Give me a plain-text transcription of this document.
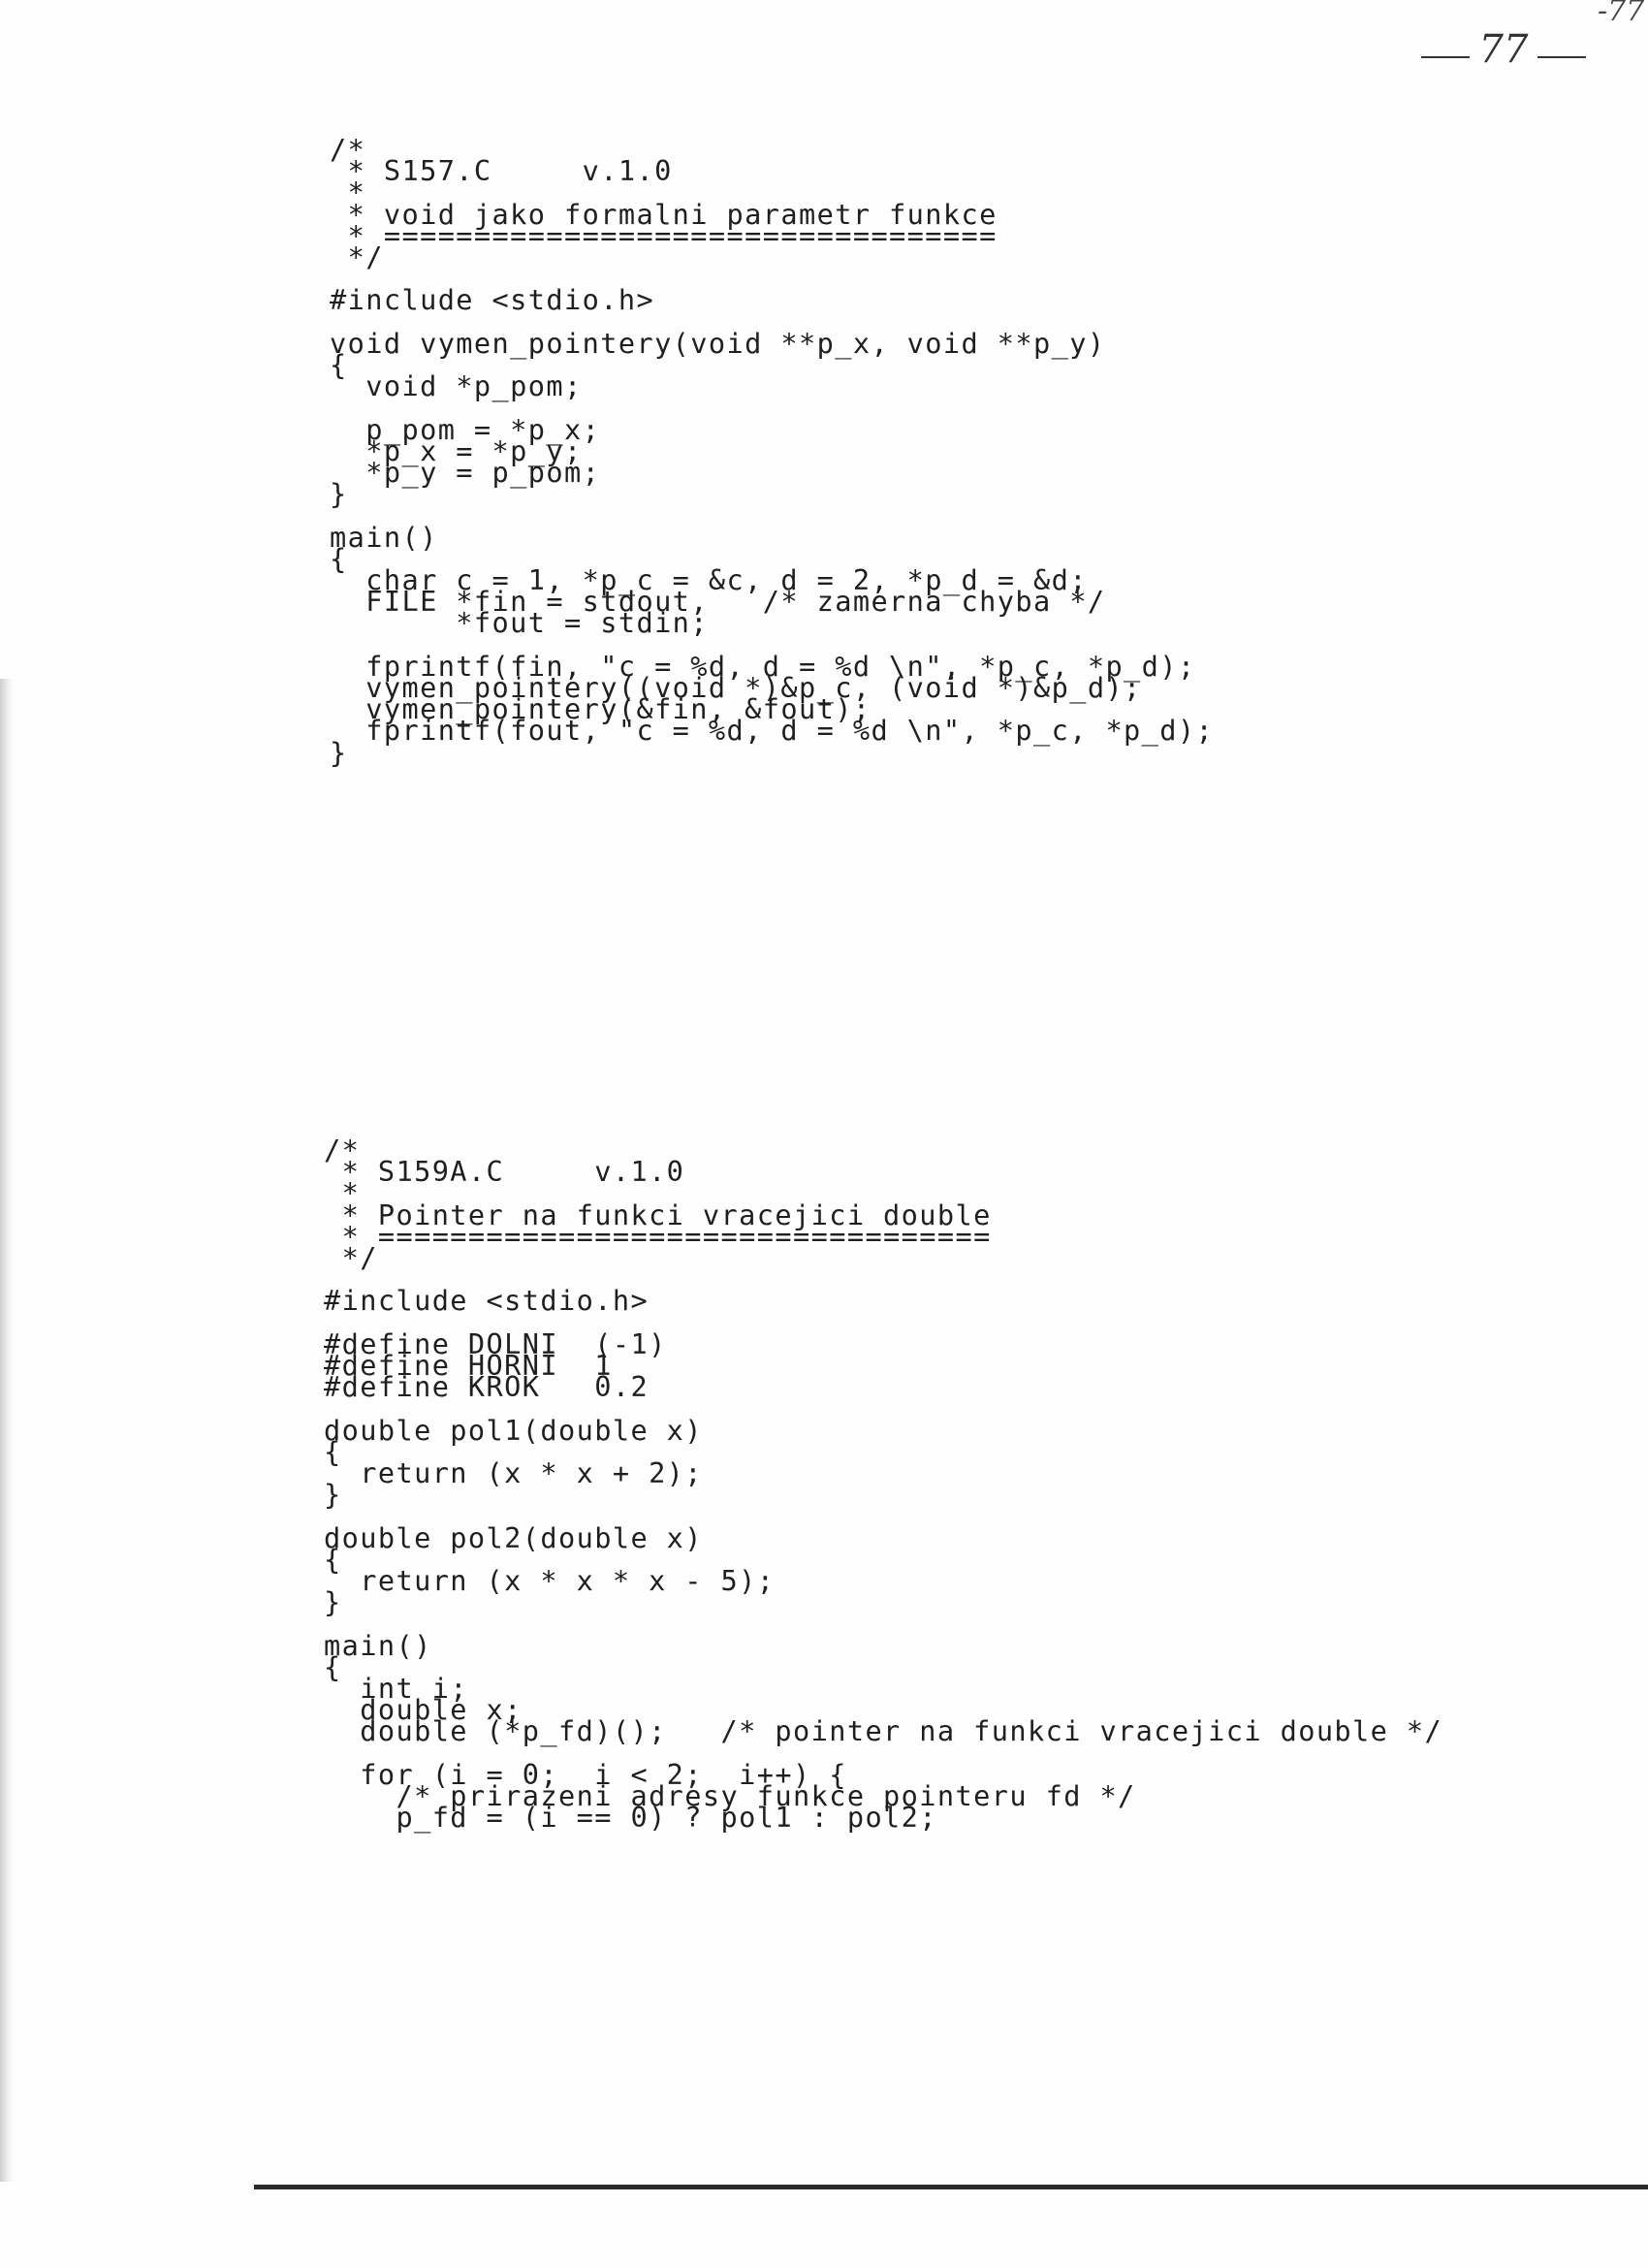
77
-77
/*
* S157.C     v.1.0
*
* void jako formalni parametr funkce
* ==================================
*/

#include <stdio.h>

void vymen_pointery(void **p_x, void **p_y)
{
void *p_pom;

p_pom = *p_x;
*p_x = *p_y;
*p_y = p_pom;
}

main()
{
char c = 1, *p_c = &c, d = 2, *p_d = &d;
FILE *fin = stdout,   /* zamerna chyba */
*fout = stdin;

fprintf(fin, "c = %d, d = %d \n", *p_c, *p_d);
vymen_pointery((void *)&p_c, (void *)&p_d);
vymen_pointery(&fin, &fout);
fprintf(fout, "c = %d, d = %d \n", *p_c, *p_d);
}
/*
* S159A.C     v.1.0
*
* Pointer na funkci vracejici double
* ==================================
*/

#include <stdio.h>

#define DOLNI  (-1)
#define HORNI  1
#define KROK   0.2

double pol1(double x)
{
return (x * x + 2);
}

double pol2(double x)
{
return (x * x * x - 5);
}

main()
{
int i;
double x;
double (*p_fd)();   /* pointer na funkci vracejici double */

for (i = 0;  i < 2;  i++) {
/* prirazeni adresy funkce pointeru fd */
p_fd = (i == 0) ? pol1 : pol2;
